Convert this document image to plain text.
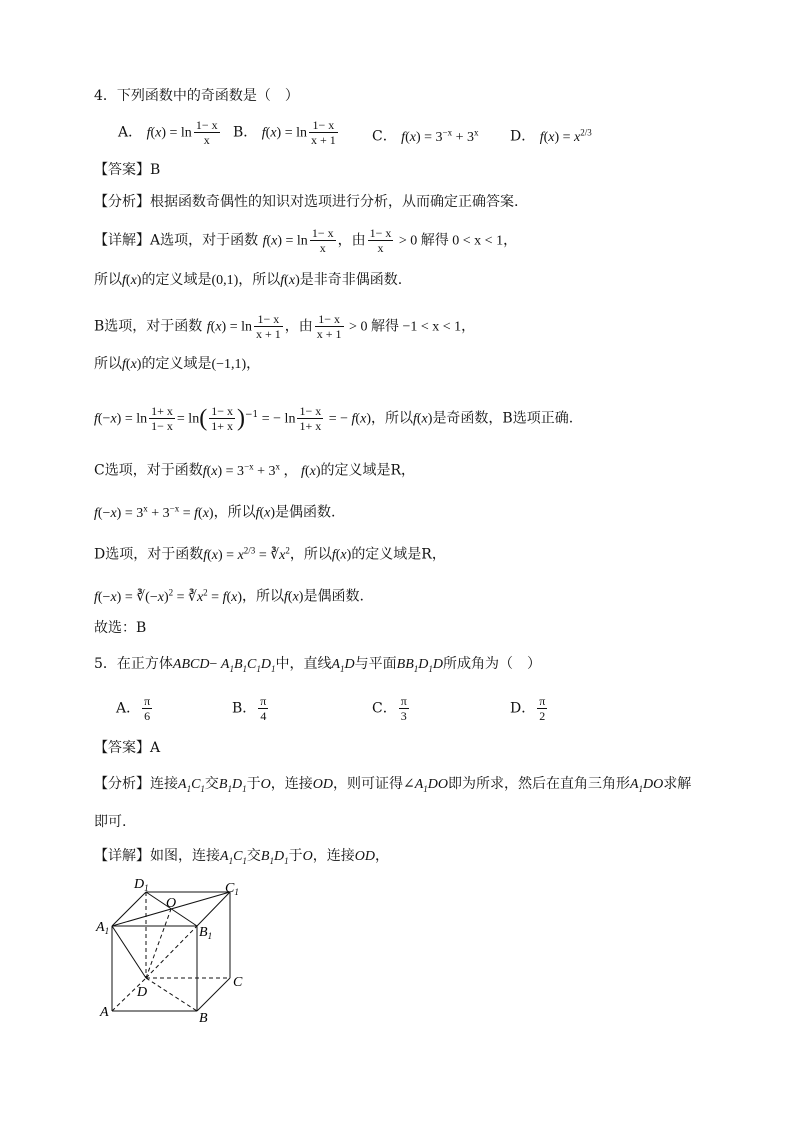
4．下列函数中的奇函数是（　）
A． $f(x) = \ln \frac{1- x}{x}$ B． $f(x) = \ln \frac{1- x}{x + 1}$ C． $f(x) = 3^{-x} + 3^x$ D． $f(x) = x^{2/3}$
【答案】B
【分析】根据函数奇偶性的知识对选项进行分析，从而确定正确答案.
【详解】A选项，对于函数 $f(x) = \ln \frac{1- x}{x}$ ，由 $\frac{1- x}{x} > 0$ 解得 0 < x < 1，
所以f(x)的定义域是(0,1)，所以f(x)是非奇非偶函数.
B选项，对于函数 $f(x) = \ln \frac{1- x}{x + 1}$ ，由 $\frac{1- x}{x + 1} > 0$ 解得 −1 < x < 1，
所以f(x)的定义域是(−1,1)，
$f(-x) = \ln \frac{1+ x}{1- x} = \ln( \frac{1- x}{1+ x} )^{-1}$ = − $\ln \frac{1- x}{1+ x}$ = − f(x)，所以f(x)是奇函数，B选项正确.
C选项，对于函数$f(x) = 3^{-x} + 3^x$ ， f(x)的定义域是R，
$f(-x) = 3^x + 3^{-x} = f(x)$，所以f(x)是偶函数.
D选项，对于函数$f(x) = x^{2/3}$ = $∛x^2$，所以f(x)的定义域是R，
$f(-x) = ∛(-x)^2$ = $∛x^2 = f(x)$，所以f(x)是偶函数.
故选：B
5．在正方体ABCD− $A_1B_1C_1D_1$中，直线$A_1D$与平面$BB_1D_1D$所成角为（　）
A． $\frac{\pi}{6}$	B． $\frac{\pi}{4}$	C． $\frac{\pi}{3}$	D． $\frac{\pi}{2}$
【答案】A
【分析】连接$A_1C_1$交$B_1D_1$于O，连接OD，则可证得$\angle A_1DO$即为所求，然后在直角三角形$A_1DO$求解
即可.
【详解】如图，连接$A_1C_1$交$B_1D_1$于O，连接OD，
$D_1$	$C_1$
$A_1$	$B_1$
O
D
C
A	B
